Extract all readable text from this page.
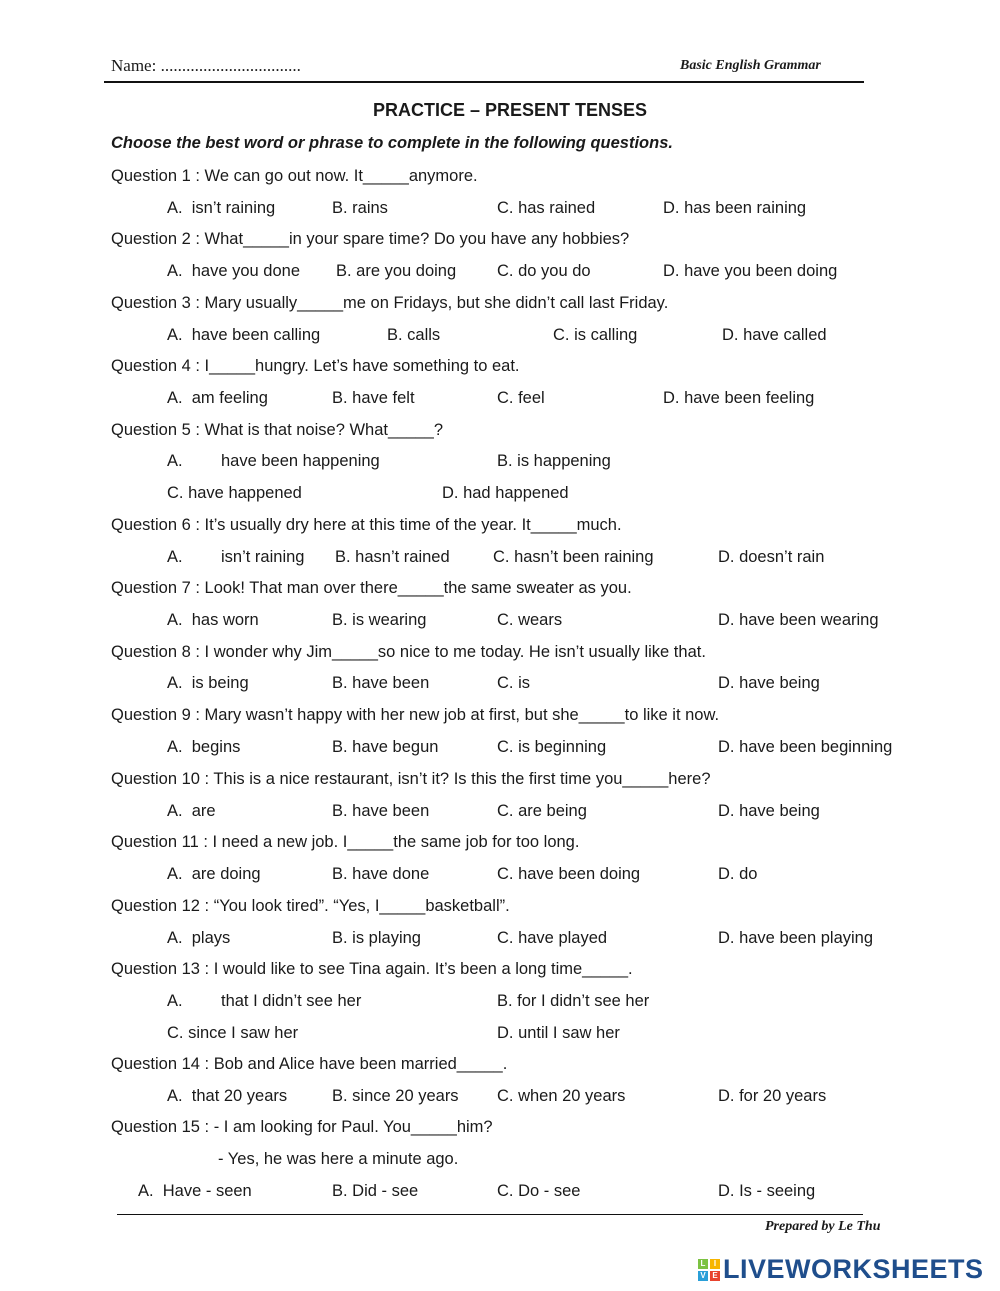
Name: .................................	Basic English Grammar
PRACTICE – PRESENT TENSES
Choose the best word or phrase to complete in the following questions.
Question 1 : We can go out now. It_____anymore.
A.  isn’t raining	B. rains	C. has rained	D. has been raining
Question 2 : What_____in your spare time? Do you have any hobbies?
A.  have you done B. are you doing C. do you do	D. have you been doing
Question 3 : Mary usually_____me on Fridays, but she didn’t call last Friday.
A.  have been calling	B. calls	C. is calling	D. have called
Question 4 : I_____hungry. Let’s have something to eat.
A.  am feeling	B. have felt	C. feel	D. have been feeling
Question 5 : What is that noise? What_____?
A. have been happening	B. is happening
C. have happened	D. had happened
Question 6 : It’s usually dry here at this time of the year. It_____much.
A. isn’t raining	B. hasn’t rained	C. hasn’t been raining	D. doesn’t rain
Question 7 : Look! That man over there_____the same sweater as you.
A.  has worn	B. is wearing	C. wears	D. have been wearing
Question 8 : I wonder why Jim_____so nice to me today. He isn’t usually like that.
A.  is being	B. have been	C. is	D. have being
Question 9 : Mary wasn’t happy with her new job at first, but she_____to like it now.
A.  begins	B. have begun	C. is beginning	D. have been beginning
Question 10 : This is a nice restaurant, isn’t it? Is this the first time you_____here?
A.  are	B. have been	C. are being	D. have being
Question 11 : I need a new job. I_____the same job for too long.
A.  are doing	B. have done	C. have been doing	D. do
Question 12 : “You look tired”. “Yes, I_____basketball”.
A.  plays	B. is playing	C. have played	D. have been playing
Question 13 : I would like to see Tina again. It’s been a long time_____.
A. that I didn’t see her	B. for I didn’t see her
C. since I saw her	D. until I saw her
Question 14 : Bob and Alice have been married_____.
A.  that 20 years	B. since 20 years C. when 20 years	D. for 20 years
Question 15 : - I am looking for Paul. You_____him?
- Yes, he was here a minute ago.
A.  Have - seen	B. Did - see	C. Do - see	D. Is - seeing
Prepared by Le Thu
L	I
V E LIVEWORKSHEETS
